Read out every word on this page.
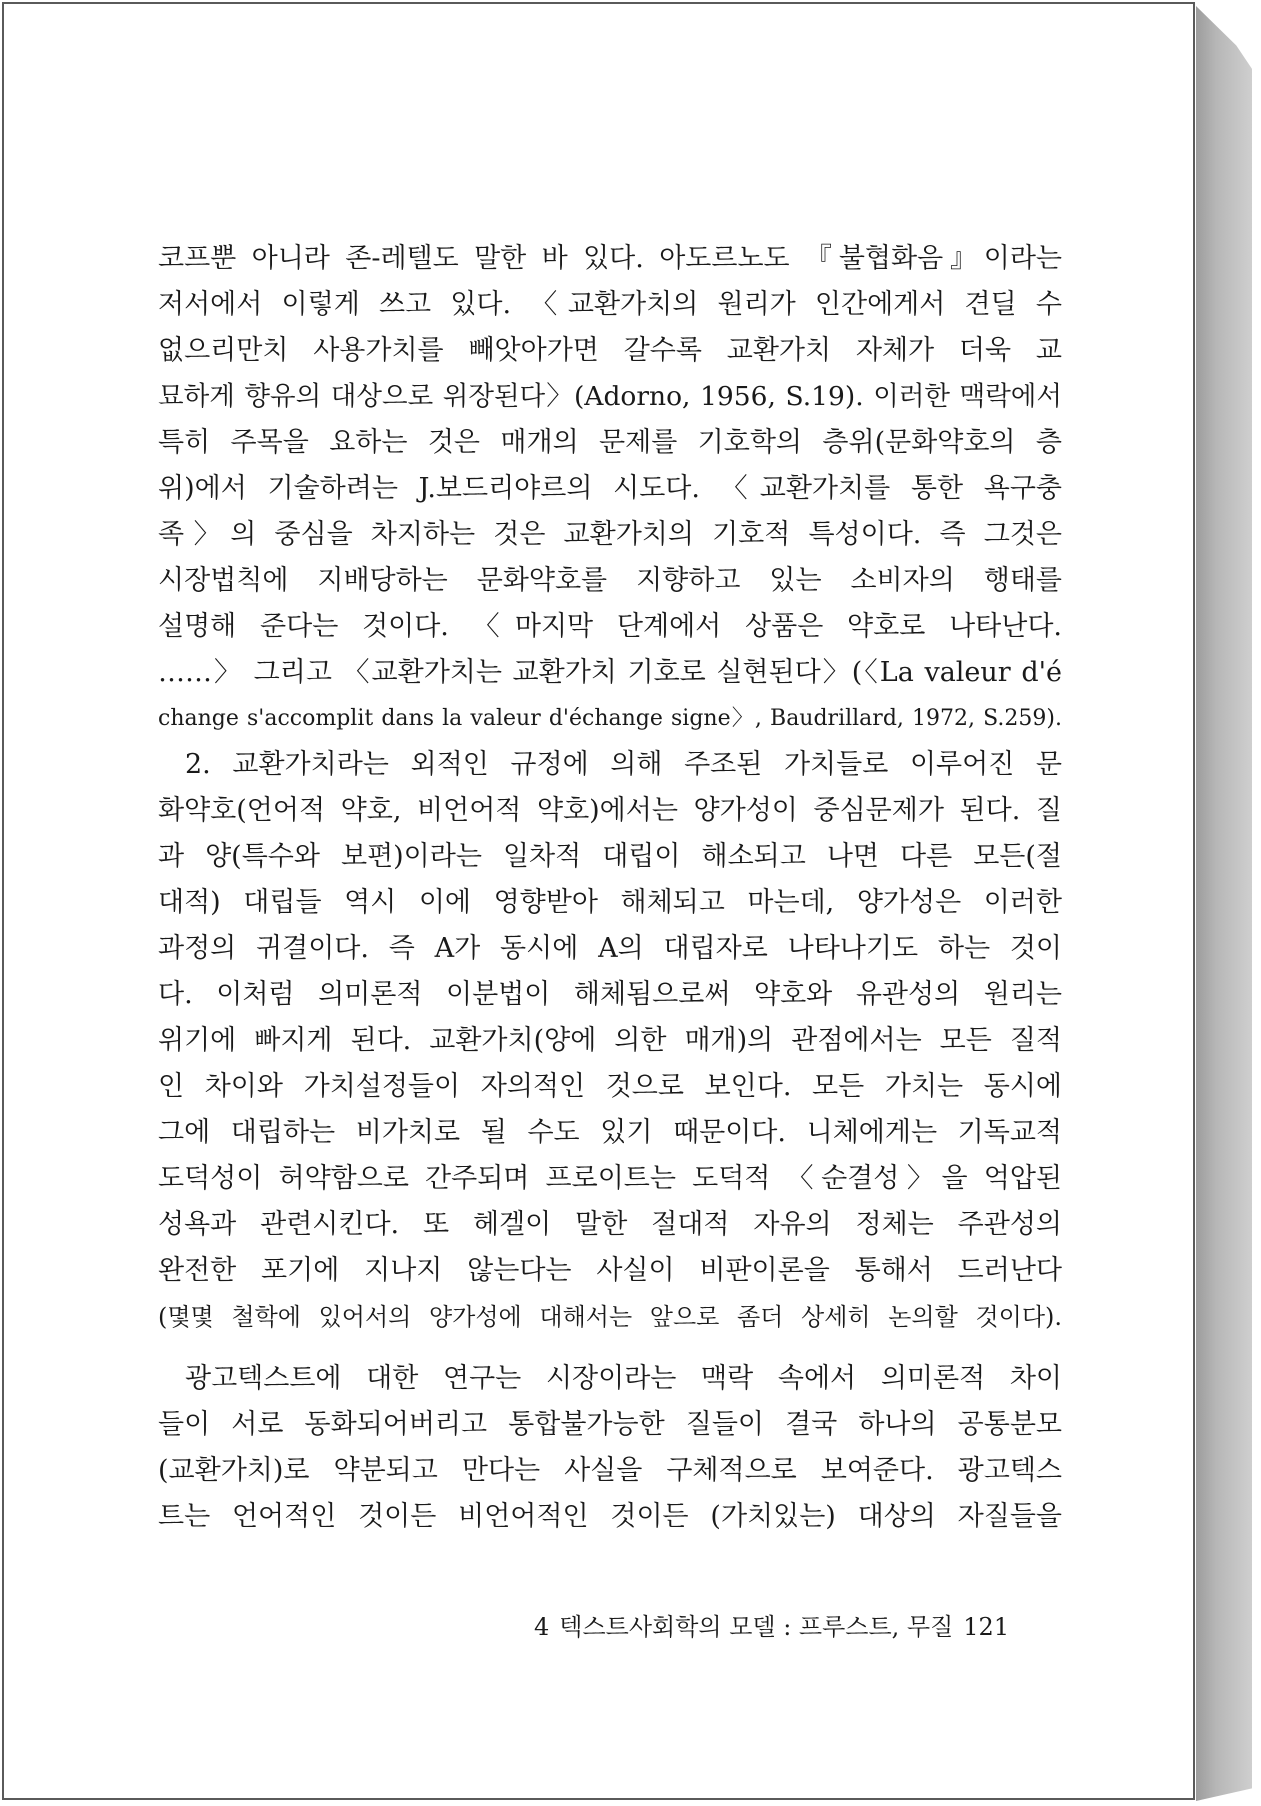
코프뿐 아니라 존-레텔도 말한 바 있다. 아도르노도 『불협화음』이라는
저서에서 이렇게 쓰고 있다. 〈교환가치의 원리가 인간에게서 견딜 수
없으리만치 사용가치를 빼앗아가면 갈수록 교환가치 자체가 더욱 교
묘하게 향유의 대상으로 위장된다〉(Adorno, 1956, S.19). 이러한 맥락에서
특히 주목을 요하는 것은 매개의 문제를 기호학의 층위(문화약호의 층
위)에서 기술하려는 J.보드리야르의 시도다. 〈교환가치를 통한 욕구충
족〉의 중심을 차지하는 것은 교환가치의 기호적 특성이다. 즉 그것은
시장법칙에 지배당하는 문화약호를 지향하고 있는 소비자의 행태를
설명해 준다는 것이다. 〈마지막 단계에서 상품은 약호로 나타난다.
……〉 그리고 〈교환가치는 교환가치 기호로 실현된다〉(〈La valeur d'é
change s'accomplit dans la valeur d'échange signe〉, Baudrillard, 1972, S.259).
2. 교환가치라는 외적인 규정에 의해 주조된 가치들로 이루어진 문
화약호(언어적 약호, 비언어적 약호)에서는 양가성이 중심문제가 된다. 질
과 양(특수와 보편)이라는 일차적 대립이 해소되고 나면 다른 모든(절
대적) 대립들 역시 이에 영향받아 해체되고 마는데, 양가성은 이러한
과정의 귀결이다. 즉 A가 동시에 A의 대립자로 나타나기도 하는 것이
다. 이처럼 의미론적 이분법이 해체됨으로써 약호와 유관성의 원리는
위기에 빠지게 된다. 교환가치(양에 의한 매개)의 관점에서는 모든 질적
인 차이와 가치설정들이 자의적인 것으로 보인다. 모든 가치는 동시에
그에 대립하는 비가치로 될 수도 있기 때문이다. 니체에게는 기독교적
도덕성이 허약함으로 간주되며 프로이트는 도덕적 〈순결성〉을 억압된
성욕과 관련시킨다. 또 헤겔이 말한 절대적 자유의 정체는 주관성의
완전한 포기에 지나지 않는다는 사실이 비판이론을 통해서 드러난다
(몇몇 철학에 있어서의 양가성에 대해서는 앞으로 좀더 상세히 논의할 것이다).
광고텍스트에 대한 연구는 시장이라는 맥락 속에서 의미론적 차이
들이 서로 동화되어버리고 통합불가능한 질들이 결국 하나의 공통분모
(교환가치)로 약분되고 만다는 사실을 구체적으로 보여준다. 광고텍스
트는 언어적인 것이든 비언어적인 것이든 (가치있는) 대상의 자질들을
4 텍스트사회학의 모델 : 프루스트, 무질 121
